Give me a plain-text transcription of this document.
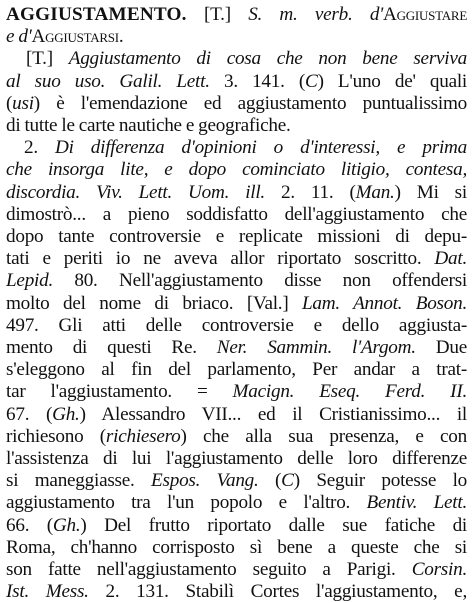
AGGIUSTAMENTO. [T.] S. m. verb. d'Aggiustare
e d'Aggiustarsi.
[T.] Aggiustamento di cosa che non bene serviva
al suo uso. Galil. Lett. 3. 141. (C) L'uno de' quali
(usi) è l'emendazione ed aggiustamento puntualissimo
di tutte le carte nautiche e geografiche.
2. Di differenza d'opinioni o d'interessi, e prima
che insorga lite, e dopo cominciato litigio, contesa,
discordia. Viv. Lett. Uom. ill. 2. 11. (Man.) Mi si
dimostrò... a pieno soddisfatto dell'aggiustamento che
dopo tante controversie e replicate missioni di depu-
tati e periti io ne aveva allor riportato soscritto. Dat.
Lepid. 80. Nell'aggiustamento disse non offendersi
molto del nome di briaco. [Val.] Lam. Annot. Boson.
497. Gli atti delle controversie e dello aggiusta-
mento di questi Re. Ner. Sammin. l'Argom. Due
s'eleggono al fin del parlamento, Per andar a trat-
tar l'aggiustamento. = Macign. Eseq. Ferd. II.
67. (Gh.) Alessandro VII... ed il Cristianissimo... il
richiesono (richiesero) che alla sua presenza, e con
l'assistenza di lui l'aggiustamento delle loro differenze
si maneggiasse. Espos. Vang. (C) Seguir potesse lo
aggiustamento tra l'un popolo e l'altro. Bentiv. Lett.
66. (Gh.) Del frutto riportato dalle sue fatiche di
Roma, ch'hanno corrisposto sì bene a queste che si
son fatte nell'aggiustamento seguito a Parigi. Corsin.
Ist. Mess. 2. 131. Stabilì Cortes l'aggiustamento, e,
